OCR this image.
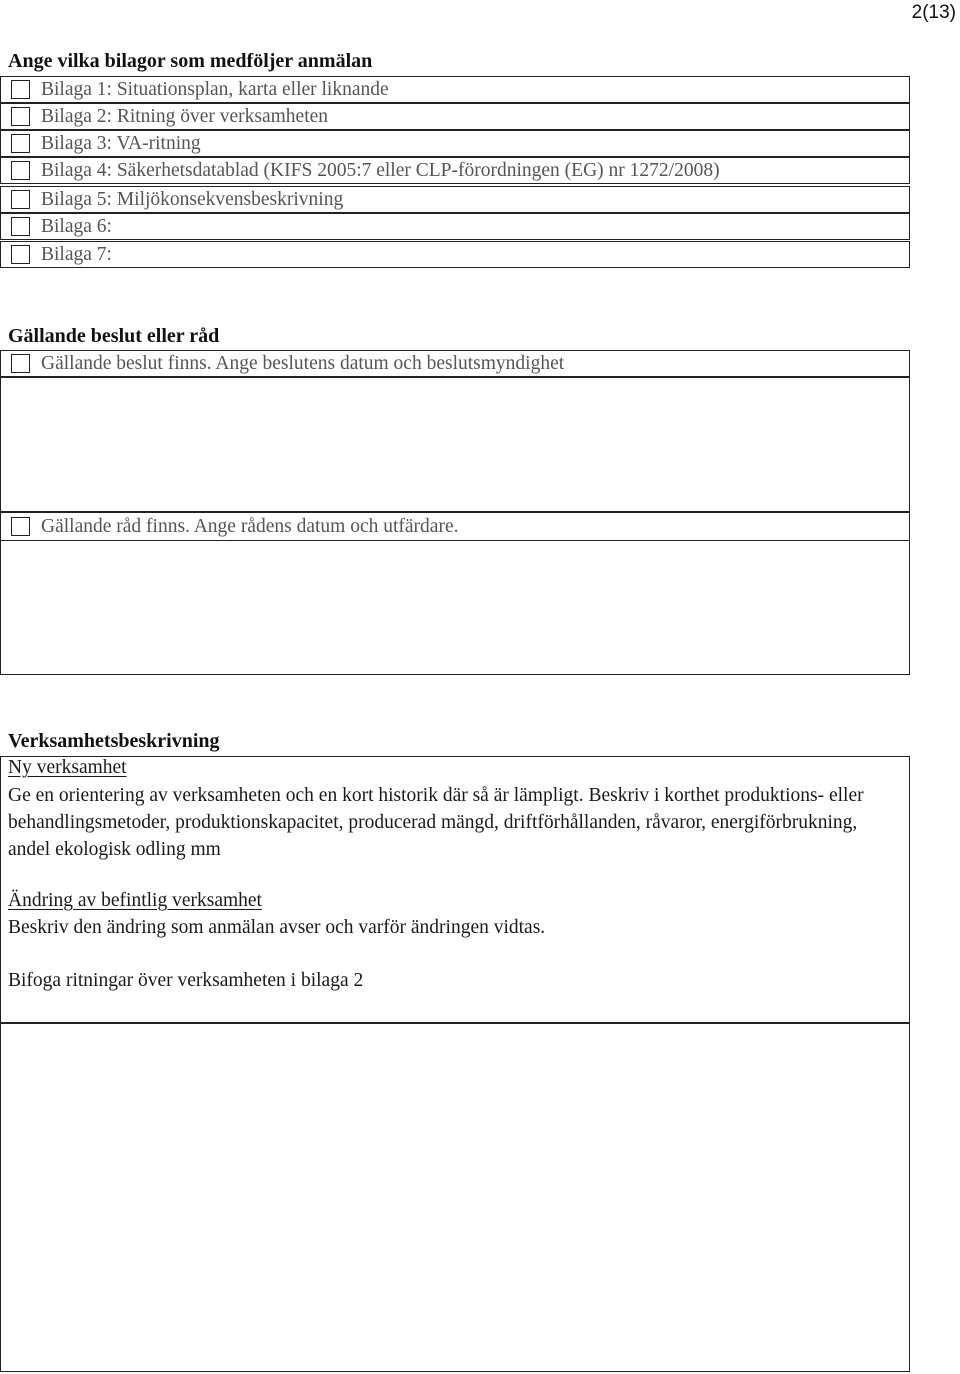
2(13)
Ange vilka bilagor som medföljer anmälan
Bilaga 1: Situationsplan, karta eller liknande
Bilaga 2: Ritning över verksamheten
Bilaga 3: VA-ritning
Bilaga 4: Säkerhetsdatablad (KIFS 2005:7 eller CLP-förordningen (EG) nr 1272/2008)
Bilaga 5: Miljökonsekvensbeskrivning
Bilaga 6:
Bilaga 7:
Gällande beslut eller råd
Gällande beslut finns. Ange beslutens datum och beslutsmyndighet
Gällande råd finns. Ange rådens datum och utfärdare.
Verksamhetsbeskrivning
Ny verksamhet
Ge en orientering av verksamheten och en kort historik där så är lämpligt. Beskriv i korthet produktions- eller behandlingsmetoder, produktionskapacitet, producerad mängd, driftförhållanden, råvaror, energiförbrukning, andel ekologisk odling mm
Ändring av befintlig verksamhet
Beskriv den ändring som anmälan avser och varför ändringen vidtas.
Bifoga ritningar över verksamheten i bilaga 2
